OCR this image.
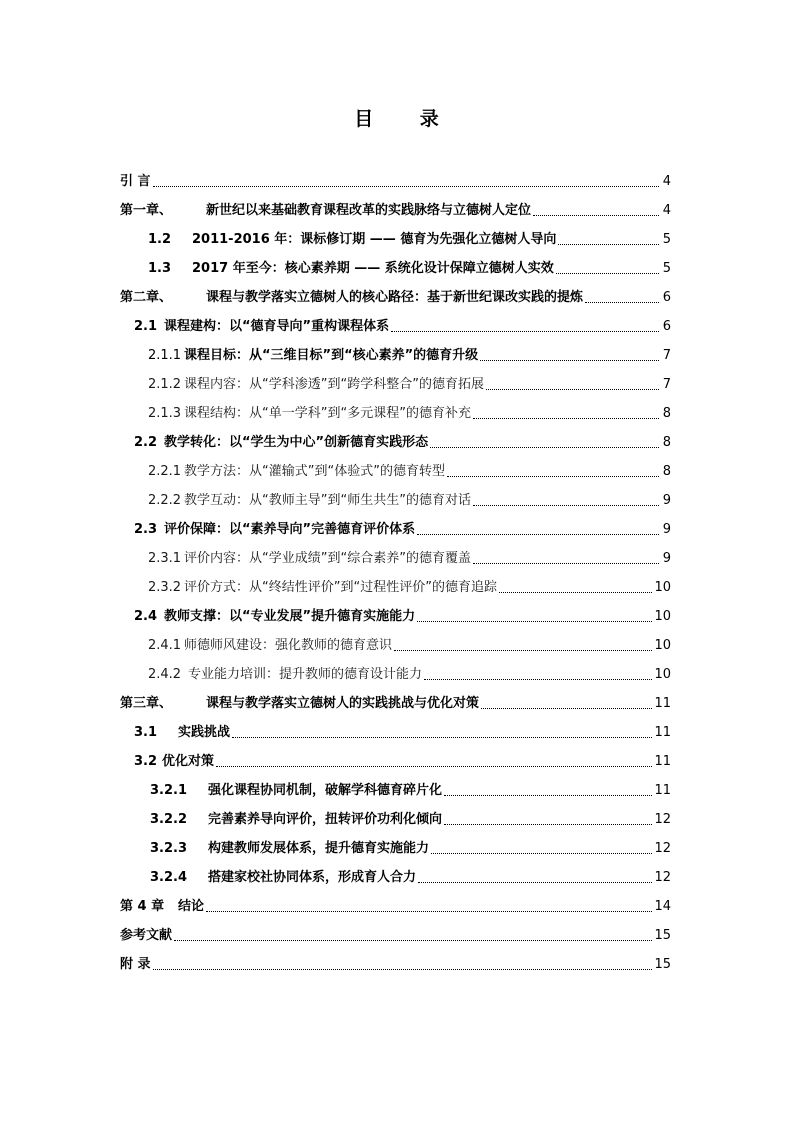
目 录
引 言	4
第一章、	新世纪以来基础教育课程改革的实践脉络与立德树人定位	4
1.2	2011-2016 年：课标修订期 —— 德育为先强化立德树人导向	5
1.3	2017 年至今：核心素养期 —— 系统化设计保障立德树人实效	5
第二章、	课程与教学落实立德树人的核心路径：基于新世纪课改实践的提炼	6
2.1 课程建构：以“德育导向”重构课程体系	6
2.1.1 课程目标：从“三维目标”到“核心素养”的德育升级	7
2.1.2 课程内容：从“学科渗透”到“跨学科整合”的德育拓展	7
2.1.3 课程结构：从“单一学科”到“多元课程”的德育补充	8
2.2 教学转化：以“学生为中心”创新德育实践形态	8
2.2.1 教学方法：从“灌输式”到“体验式”的德育转型	8
2.2.2 教学互动：从“教师主导”到“师生共生”的德育对话	9
2.3 评价保障：以“素养导向”完善德育评价体系	9
2.3.1 评价内容：从“学业成绩”到“综合素养”的德育覆盖	9
2.3.2 评价方式：从“终结性评价”到“过程性评价”的德育追踪	10
2.4 教师支撑：以“专业发展”提升德育实施能力	10
2.4.1 师德师风建设：强化教师的德育意识	10
2.4.2 专业能力培训：提升教师的德育设计能力	10
第三章、	课程与教学落实立德树人的实践挑战与优化对策	11
3.1	实践挑战	11
3.2 优化对策	11
3.2.1	强化课程协同机制，破解学科德育碎片化	11
3.2.2	完善素养导向评价，扭转评价功利化倾向	12
3.2.3	构建教师发展体系，提升德育实施能力	12
3.2.4	搭建家校社协同体系，形成育人合力	12
第 4 章	结论	14
参考文献	15
附 录	15
